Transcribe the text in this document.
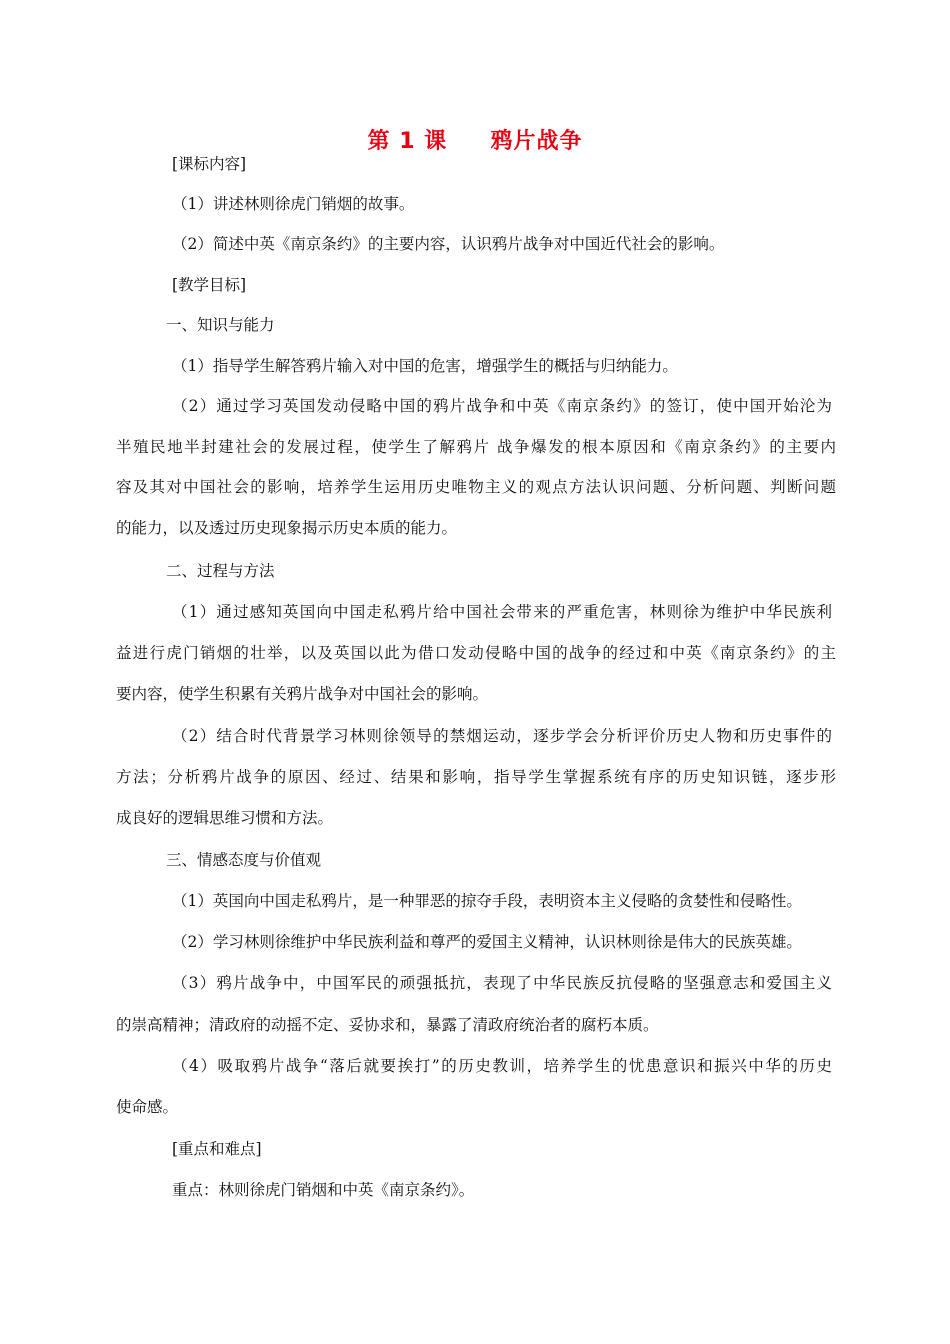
第 1 课     鸦片战争
[课标内容]
（1）讲述林则徐虎门销烟的故事。
（2）简述中英《南京条约》的主要内容，认识鸦片战争对中国近代社会的影响。
[教学目标]
一、知识与能力
（1）指导学生解答鸦片输入对中国的危害，增强学生的概括与归纳能力。
（2）通过学习英国发动侵略中国的鸦片战争和中英《南京条约》的签订，使中国开始沦为
半殖民地半封建社会的发展过程，使学生了解鸦片 战争爆发的根本原因和《南京条约》的主要内
容及其对中国社会的影响，培养学生运用历史唯物主义的观点方法认识问题、分析问题、判断问题
的能力，以及透过历史现象揭示历史本质的能力。
二、过程与方法
（1）通过感知英国向中国走私鸦片给中国社会带来的严重危害，林则徐为维护中华民族利
益进行虎门销烟的壮举，以及英国以此为借口发动侵略中国的战争的经过和中英《南京条约》的主
要内容，使学生积累有关鸦片战争对中国社会的影响。
（2）结合时代背景学习林则徐领导的禁烟运动，逐步学会分析评价历史人物和历史事件的
方法；分析鸦片战争的原因、经过、结果和影响，指导学生掌握系统有序的历史知识链，逐步形
成良好的逻辑思维习惯和方法。
三、情感态度与价值观
（1）英国向中国走私鸦片，是一种罪恶的掠夺手段，表明资本主义侵略的贪婪性和侵略性。
（2）学习林则徐维护中华民族利益和尊严的爱国主义精神，认识林则徐是伟大的民族英雄。
（3）鸦片战争中，中国军民的顽强抵抗，表现了中华民族反抗侵略的坚强意志和爱国主义
的崇高精神；清政府的动摇不定、妥协求和，暴露了清政府统治者的腐朽本质。
（4）吸取鸦片战争“落后就要挨打”的历史教训，培养学生的忧患意识和振兴中华的历史
使命感。
[重点和难点]
重点：林则徐虎门销烟和中英《南京条约》。
